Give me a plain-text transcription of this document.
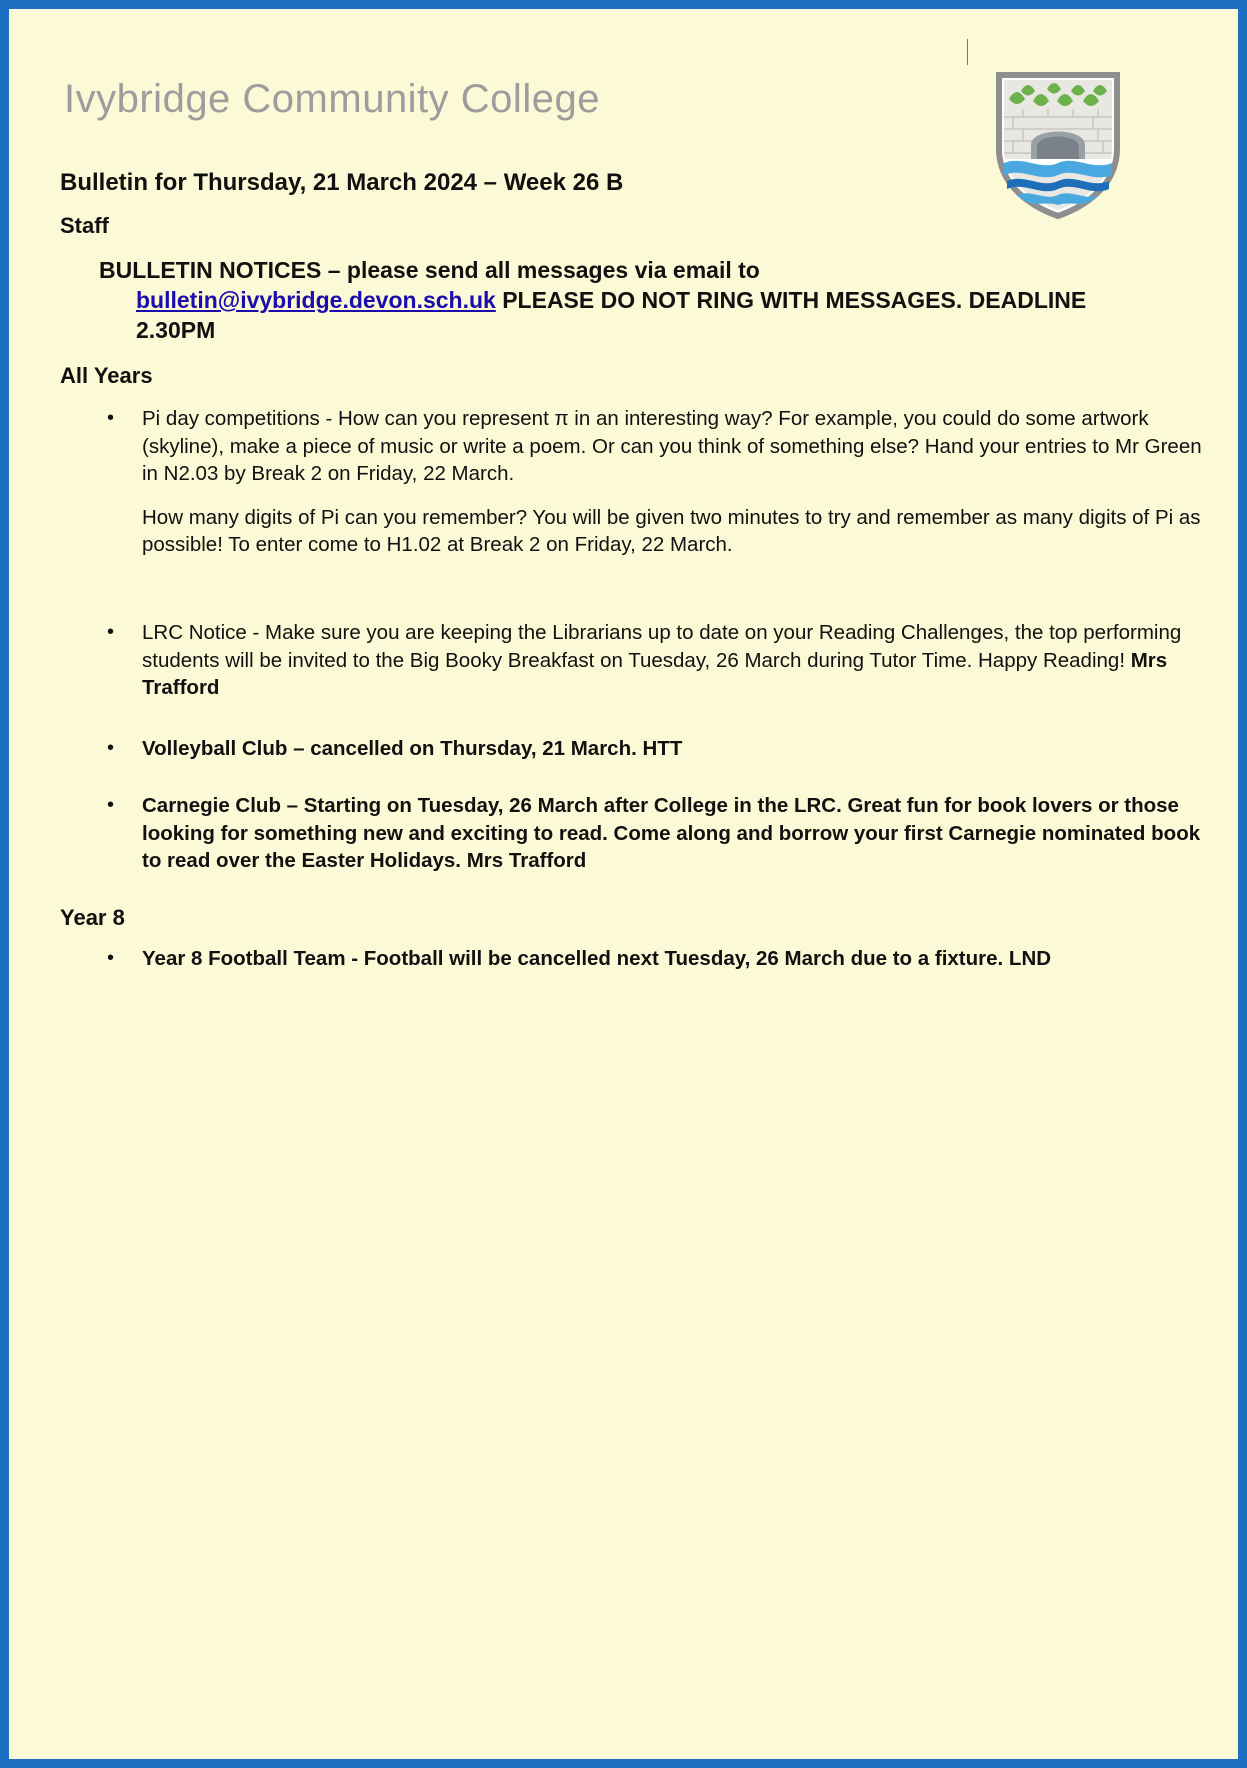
Ivybridge Community College
Bulletin for Thursday, 21 March 2024 – Week 26 B
Staff
BULLETIN NOTICES – please send all messages via email to
bulletin@ivybridge.devon.sch.uk PLEASE DO NOT RING WITH MESSAGES. DEADLINE 2.30PM
All Years
• Pi day competitions - How can you represent π in an interesting way? For example, you could do some artwork (skyline), make a piece of music or write a poem. Or can you think of something else? Hand your entries to Mr Green in N2.03 by Break 2 on Friday, 22 March.
How many digits of Pi can you remember? You will be given two minutes to try and remember as many digits of Pi as possible! To enter come to H1.02 at Break 2 on Friday, 22 March.
• LRC Notice - Make sure you are keeping the Librarians up to date on your Reading Challenges, the top performing students will be invited to the Big Booky Breakfast on Tuesday, 26 March during Tutor Time. Happy Reading! Mrs Trafford
• Volleyball Club – cancelled on Thursday, 21 March. HTT
• Carnegie Club – Starting on Tuesday, 26 March after College in the LRC. Great fun for book lovers or those looking for something new and exciting to read. Come along and borrow your first Carnegie nominated book to read over the Easter Holidays. Mrs Trafford
Year 8
• Year 8 Football Team - Football will be cancelled next Tuesday, 26 March due to a fixture. LND
